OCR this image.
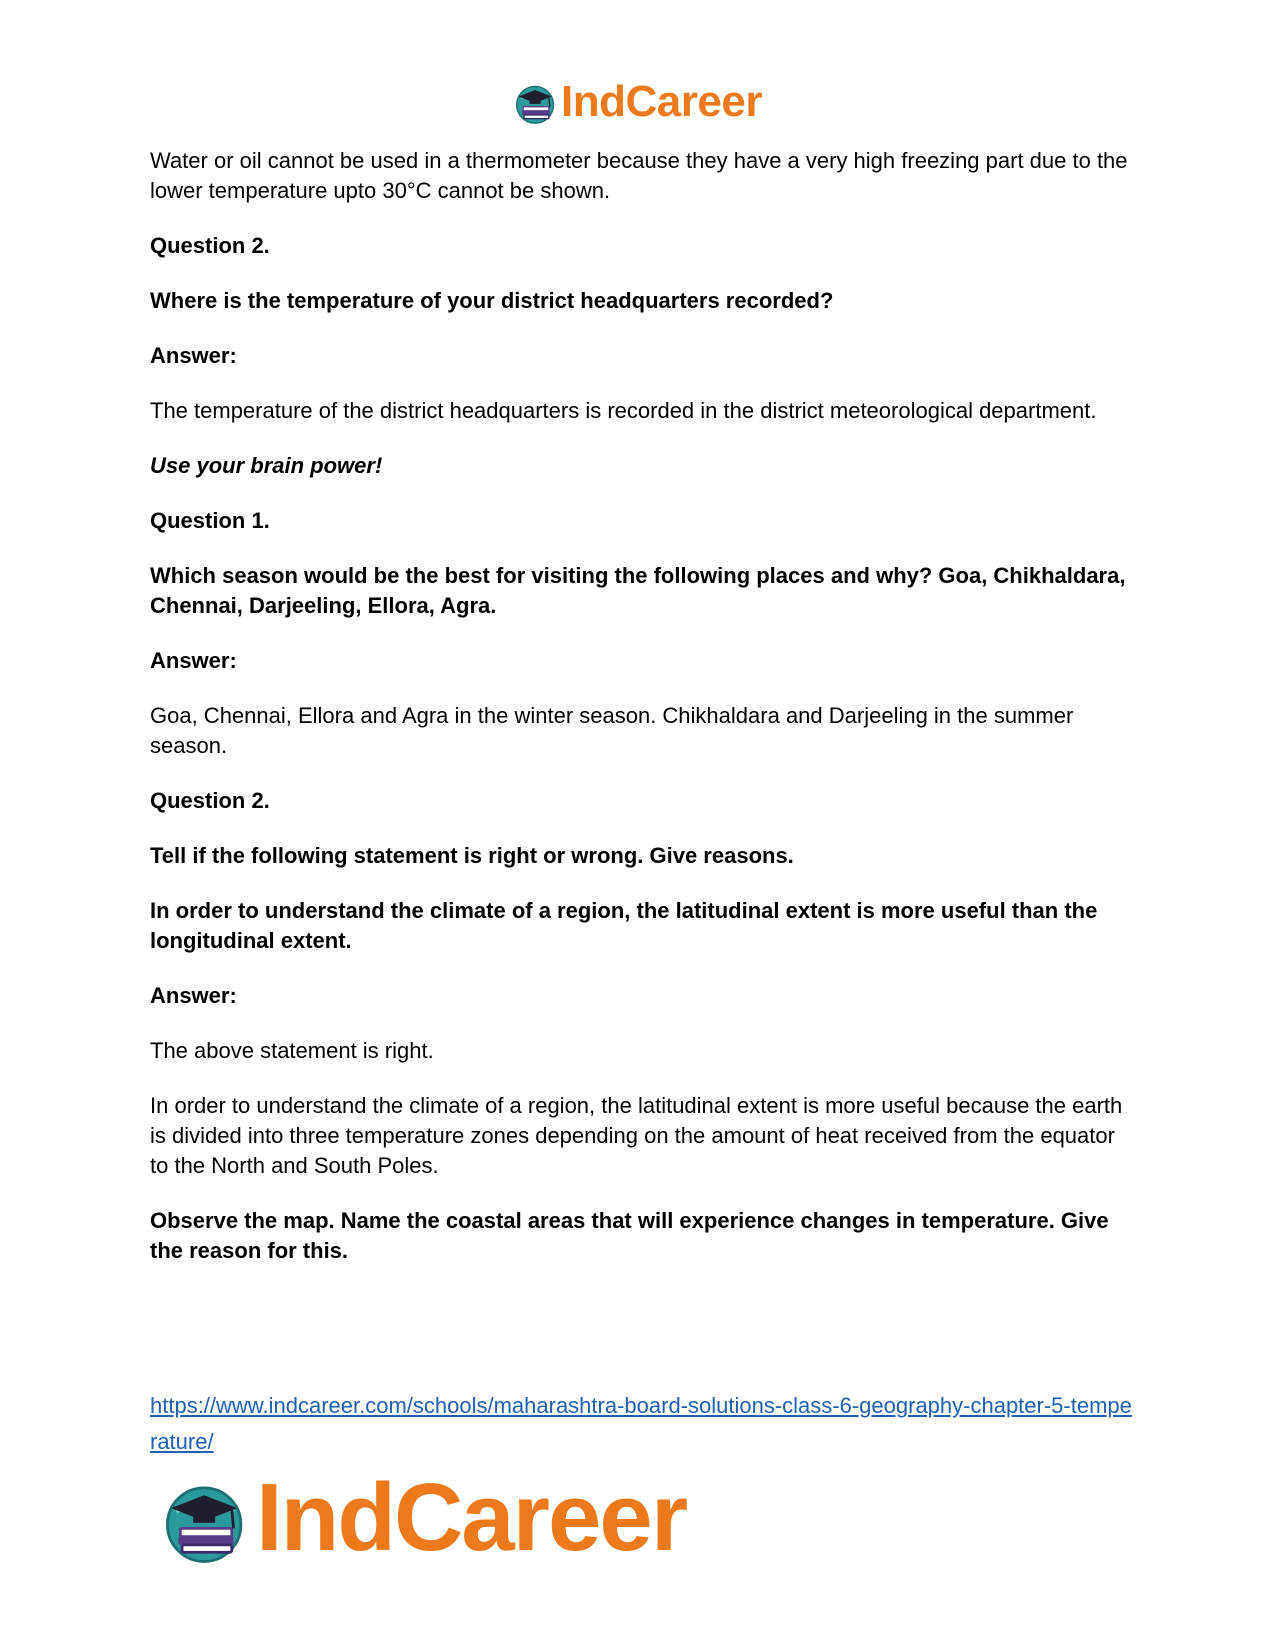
IndCareer

Water or oil cannot be used in a thermometer because they have a very high freezing part due to the lower temperature upto 30°C cannot be shown.

Question 2.

Where is the temperature of your district headquarters recorded?

Answer:

The temperature of the district headquarters is recorded in the district meteorological department.

Use your brain power!

Question 1.

Which season would be the best for visiting the following places and why? Goa, Chikhaldara, Chennai, Darjeeling, Ellora, Agra.

Answer:

Goa, Chennai, Ellora and Agra in the winter season. Chikhaldara and Darjeeling in the summer season.

Question 2.

Tell if the following statement is right or wrong. Give reasons.

In order to understand the climate of a region, the latitudinal extent is more useful than the longitudinal extent.

Answer:

The above statement is right.

In order to understand the climate of a region, the latitudinal extent is more useful because the earth is divided into three temperature zones depending on the amount of heat received from the equator to the North and South Poles.

Observe the map. Name the coastal areas that will experience changes in temperature. Give the reason for this.

https://www.indcareer.com/schools/maharashtra-board-solutions-class-6-geography-chapter-5-temperature/
IndCareer
